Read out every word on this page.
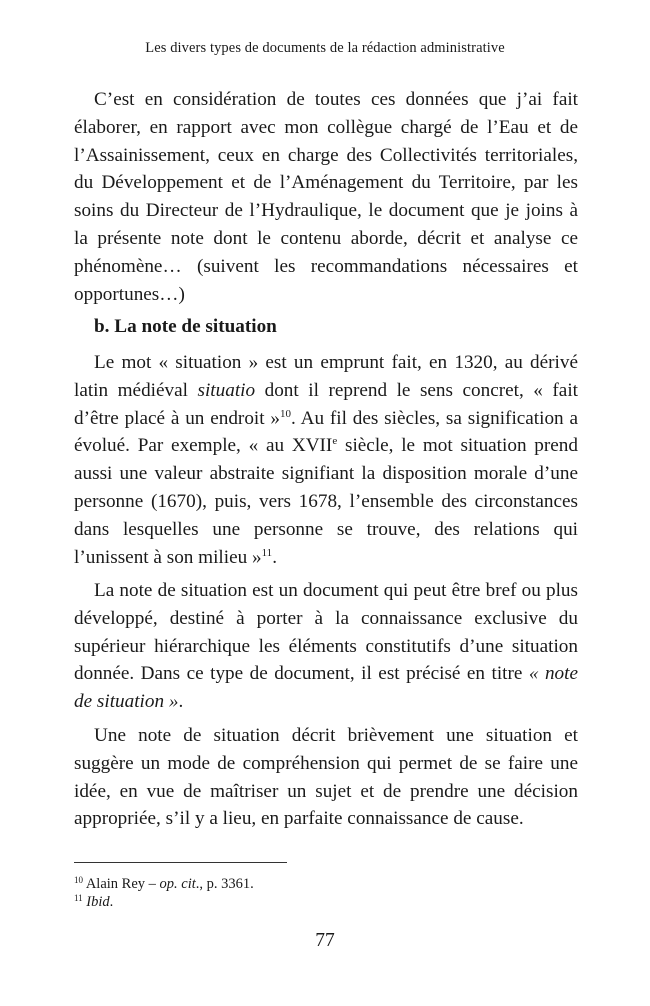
Les divers types de documents de la rédaction administrative

C’est en considération de toutes ces données que j’ai fait élaborer, en rapport avec mon collègue chargé de l’Eau et de l’Assainissement, ceux en charge des Collectivités territoriales, du Développement et de l’Aménagement du Territoire, par les soins du Directeur de l’Hydraulique, le document que je joins à la présente note dont le contenu aborde, décrit et analyse ce phénomène… (suivent les recommandations nécessaires et opportunes…)

b. La note de situation

Le mot « situation » est un emprunt fait, en 1320, au dérivé latin médiéval situatio dont il reprend le sens concret, « fait d’être placé à un endroit »$^{10}$. Au fil des siècles, sa signification a évolué. Par exemple, « au XVIIe siècle, le mot situation prend aussi une valeur abstraite signifiant la disposition morale d’une personne (1670), puis, vers 1678, l’ensemble des circonstances dans lesquelles une personne se trouve, des relations qui l’unissent à son milieu »$^{11}$.

La note de situation est un document qui peut être bref ou plus développé, destiné à porter à la connaissance exclusive du supérieur hiérarchique les éléments constitutifs d’une situation donnée. Dans ce type de document, il est précisé en titre « note de situation ».

Une note de situation décrit brièvement une situation et suggère un mode de compréhension qui permet de se faire une idée, en vue de maîtriser un sujet et de prendre une décision appropriée, s’il y a lieu, en parfaite connaissance de cause.

$^{10}$ Alain Rey – op. cit., p. 3361.
$^{11}$ Ibid.
77
